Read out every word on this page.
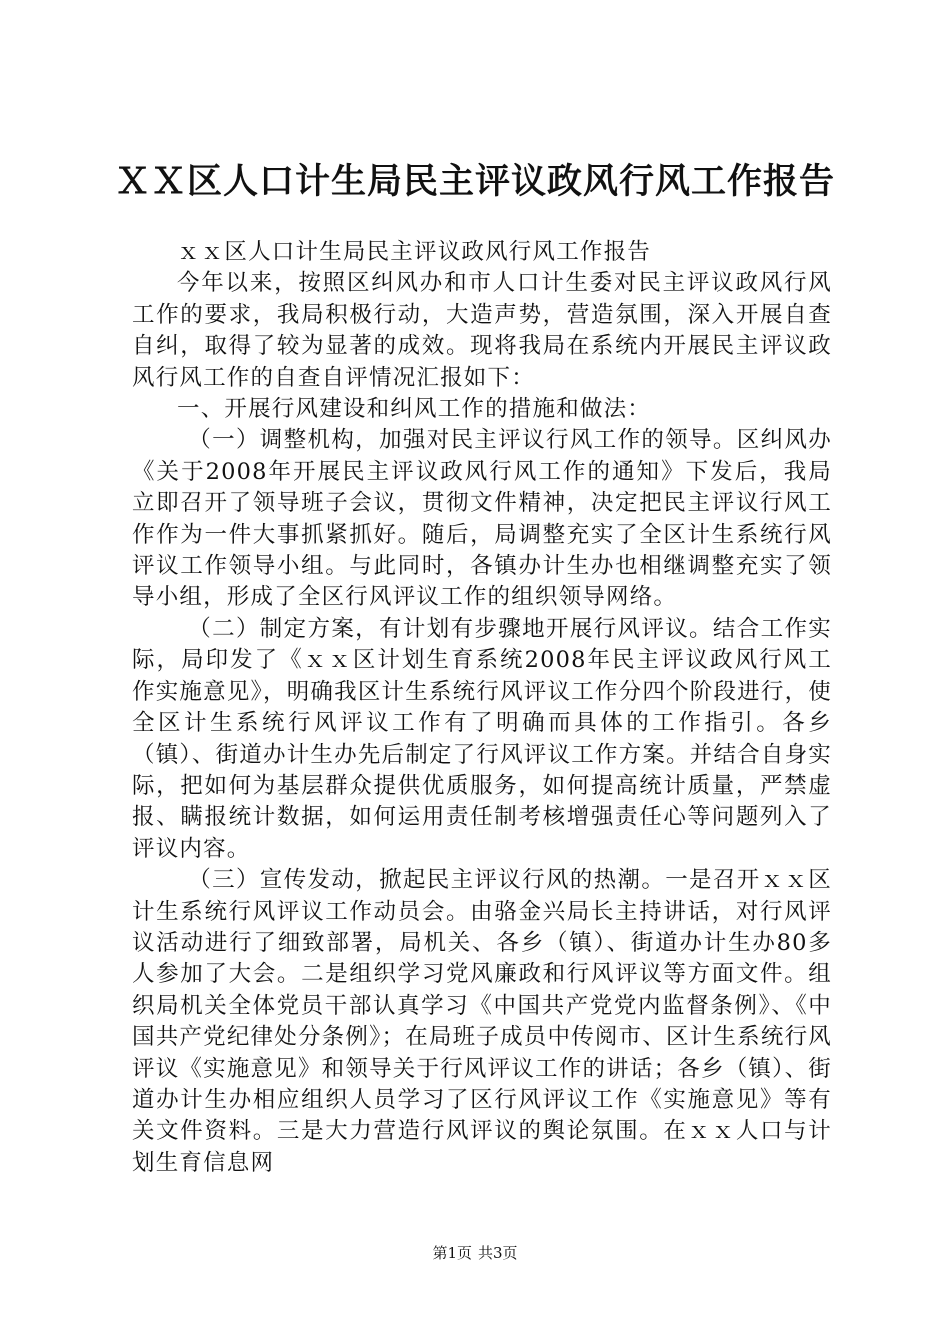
ＸＸ区人口计生局民主评议政风行风工作报告

ｘｘ区人口计生局民主评议政风行风工作报告

今年以来，按照区纠风办和市人口计生委对民主评议政风行风工作的要求，我局积极行动，大造声势，营造氛围，深入开展自查自纠，取得了较为显著的成效。现将我局在系统内开展民主评议政风行风工作的自查自评情况汇报如下：

一、开展行风建设和纠风工作的措施和做法：

（一）调整机构，加强对民主评议行风工作的领导。区纠风办《关于2008年开展民主评议政风行风工作的通知》下发后，我局立即召开了领导班子会议，贯彻文件精神，决定把民主评议行风工作作为一件大事抓紧抓好。随后，局调整充实了全区计生系统行风评议工作领导小组。与此同时，各镇办计生办也相继调整充实了领导小组，形成了全区行风评议工作的组织领导网络。

（二）制定方案，有计划有步骤地开展行风评议。结合工作实际，局印发了《ｘｘ区计划生育系统2008年民主评议政风行风工作实施意见》，明确我区计生系统行风评议工作分四个阶段进行，使全区计生系统行风评议工作有了明确而具体的工作指引。各乡（镇）、街道办计生办先后制定了行风评议工作方案。并结合自身实际，把如何为基层群众提供优质服务，如何提高统计质量，严禁虚报、瞒报统计数据，如何运用责任制考核增强责任心等问题列入了评议内容。

（三）宣传发动，掀起民主评议行风的热潮。一是召开ｘｘ区计生系统行风评议工作动员会。由骆金兴局长主持讲话，对行风评议活动进行了细致部署，局机关、各乡（镇）、街道办计生办80多人参加了大会。二是组织学习党风廉政和行风评议等方面文件。组织局机关全体党员干部认真学习《中国共产党党内监督条例》、《中国共产党纪律处分条例》；在局班子成员中传阅市、区计生系统行风评议《实施意见》和领导关于行风评议工作的讲话；各乡（镇）、街道办计生办相应组织人员学习了区行风评议工作《实施意见》等有关文件资料。三是大力营造行风评议的舆论氛围。在ｘｘ人口与计划生育信息网

第1页 共3页
